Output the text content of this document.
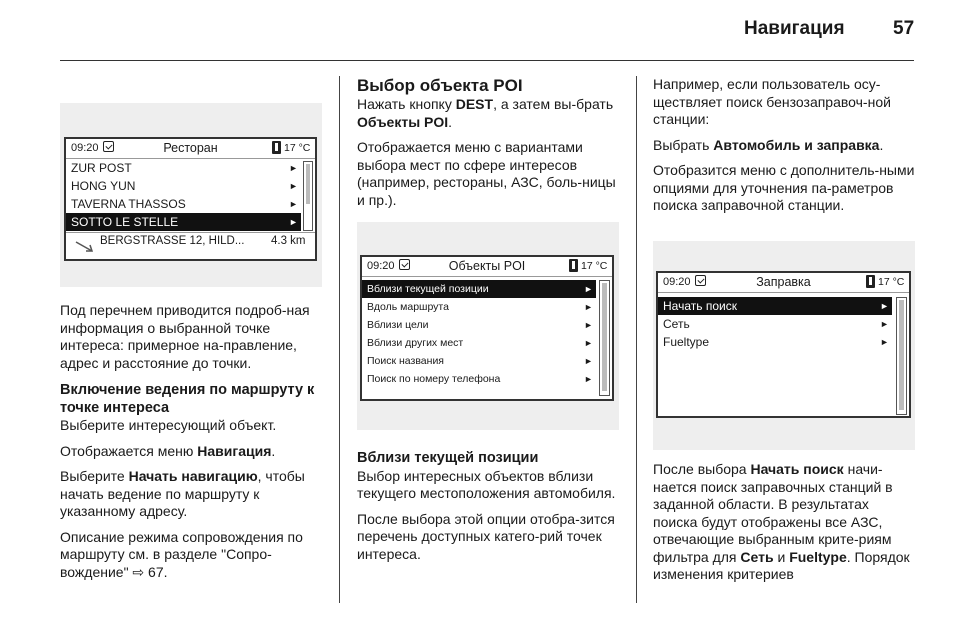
Навигация	57
09:20	Ресторан	17 °C
ZUR POST	►
HONG YUN	►
TAVERNA THASSOS	►
SOTTO LE STELLE	►
BERGSTRASSE 12, HILD... 4.3 km

Под перечнем приводится подроб-ная информация о выбранной точке интереса: примерное на-правление, адрес и расстояние до точки.

Включение ведения по маршруту к точке интереса

Выберите интересующий объект.

Отображается меню Навигация.

Выберите Начать навигацию, чтобы начать ведение по маршруту к указанному адресу.

Описание режима сопровождения по маршруту см. в разделе "Сопро-вождение" ⇨ 67.

Выбор объекта POI

Нажать кнопку DEST, а затем вы-брать Объекты POI.

Отображается меню с вариантами выбора мест по сфере интересов (например, рестораны, АЗС, боль-ницы и пр.).

09:20	Объекты POI	17 °C
Вблизи текущей позиции	►
Вдоль маршрута	►
Вблизи цели	►
Вблизи других мест	►
Поиск названия	►
Поиск по номеру телефона	►

Вблизи текущей позиции

Выбор интересных объектов вблизи текущего местоположения автомобиля.

После выбора этой опции отобра-зится перечень доступных катего-рий точек интереса.

Например, если пользователь осу-ществляет поиск бензозаправоч-ной станции:

Выбрать Автомобиль и заправка.

Отобразится меню с дополнитель-ными опциями для уточнения па-раметров поиска заправочной станции.

09:20	Заправка	17 °C
Начать поиск	►
Сеть	►
Fueltype	►

После выбора Начать поиск начи-нается поиск заправочных станций в заданной области. В результатах поиска будут отображены все АЗС, отвечающие выбранным крите-риям фильтра для Сеть и Fueltype. Порядок изменения критериев
